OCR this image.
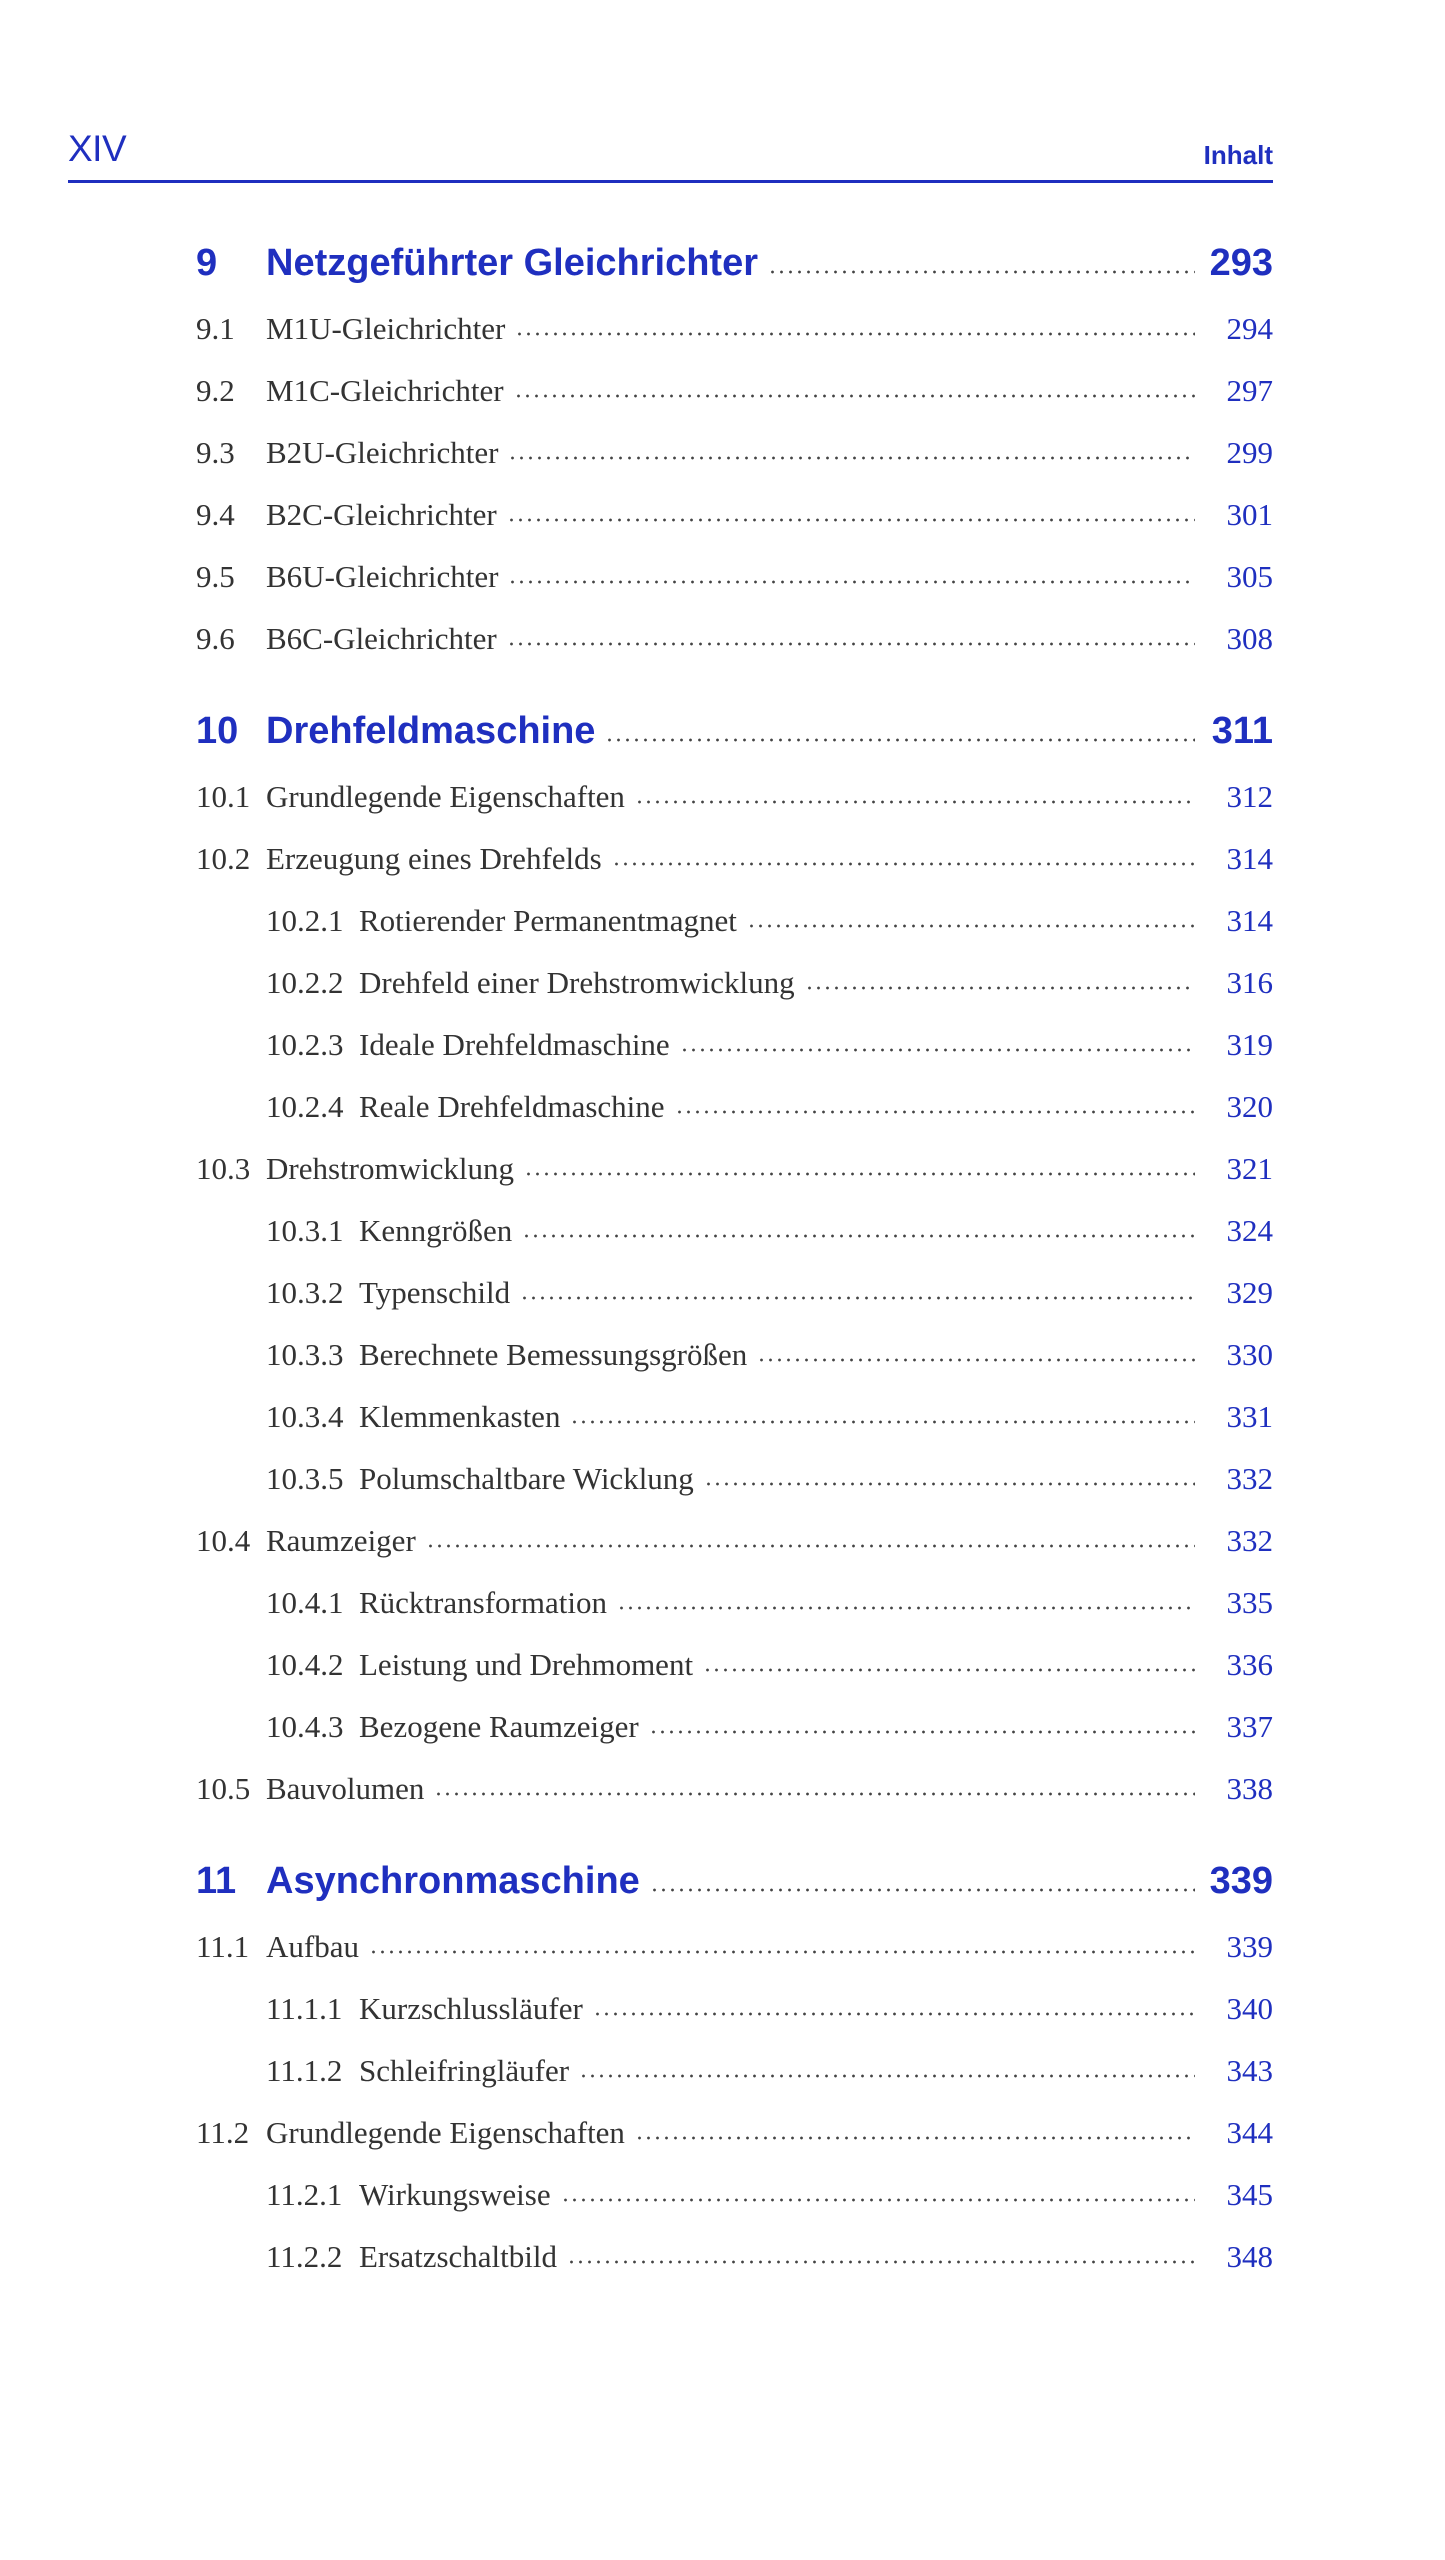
XIV	Inhalt
9 Netzgeführter Gleichrichter	293
9.1 M1U-Gleichrichter	294
9.2 M1C-Gleichrichter	297
9.3 B2U-Gleichrichter	299
9.4 B2C-Gleichrichter	301
9.5 B6U-Gleichrichter	305
9.6 B6C-Gleichrichter	308
10 Drehfeldmaschine	311
10.1 Grundlegende Eigenschaften	312
10.2 Erzeugung eines Drehfelds	314
10.2.1 Rotierender Permanentmagnet	314
10.2.2 Drehfeld einer Drehstromwicklung	316
10.2.3 Ideale Drehfeldmaschine	319
10.2.4 Reale Drehfeldmaschine	320
10.3 Drehstromwicklung	321
10.3.1 Kenngrößen	324
10.3.2 Typenschild	329
10.3.3 Berechnete Bemessungsgrößen	330
10.3.4 Klemmenkasten	331
10.3.5 Polumschaltbare Wicklung	332
10.4 Raumzeiger	332
10.4.1 Rücktransformation	335
10.4.2 Leistung und Drehmoment	336
10.4.3 Bezogene Raumzeiger	337
10.5 Bauvolumen	338
11 Asynchronmaschine	339
11.1 Aufbau	339
11.1.1 Kurzschlussläufer	340
11.1.2 Schleifringläufer	343
11.2 Grundlegende Eigenschaften	344
11.2.1 Wirkungsweise	345
11.2.2 Ersatzschaltbild	348
